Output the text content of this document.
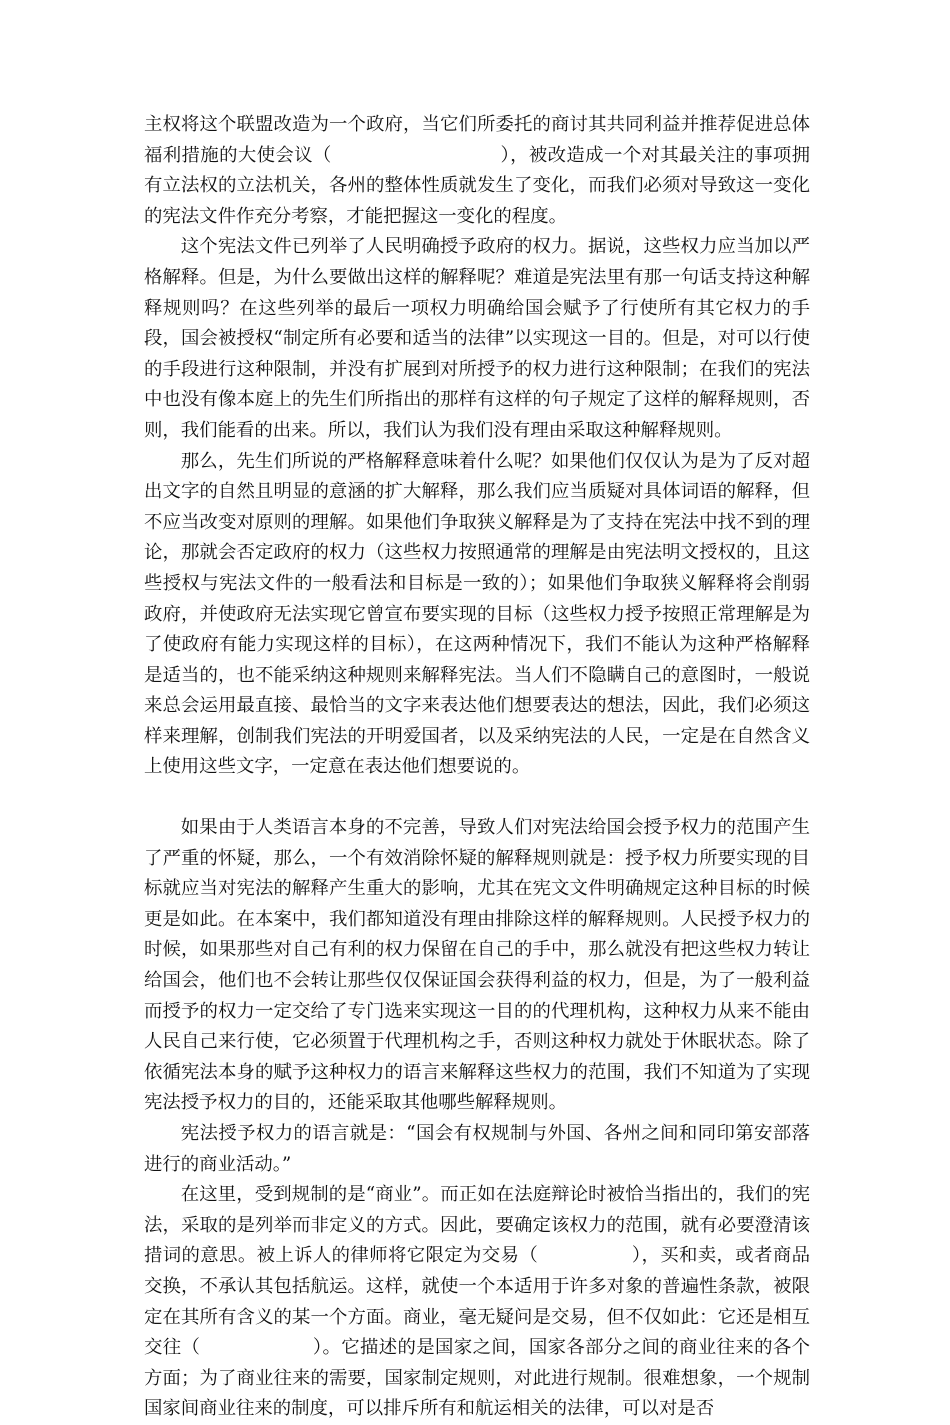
主权将这个联盟改造为一个政府，当它们所委托的商讨其共同利益并推荐促进总体福利措施的大使会议（　　　　　　　　　），被改造成一个对其最关注的事项拥有立法权的立法机关，各州的整体性质就发生了变化，而我们必须对导致这一变化的宪法文件作充分考察，才能把握这一变化的程度。

这个宪法文件已列举了人民明确授予政府的权力。据说，这些权力应当加以严格解释。但是，为什么要做出这样的解释呢？难道是宪法里有那一句话支持这种解释规则吗？在这些列举的最后一项权力明确给国会赋予了行使所有其它权力的手段，国会被授权“制定所有必要和适当的法律”以实现这一目的。但是，对可以行使的手段进行这种限制，并没有扩展到对所授予的权力进行这种限制；在我们的宪法中也没有像本庭上的先生们所指出的那样有这样的句子规定了这样的解释规则，否则，我们能看的出来。所以，我们认为我们没有理由采取这种解释规则。

那么，先生们所说的严格解释意味着什么呢？如果他们仅仅认为是为了反对超出文字的自然且明显的意涵的扩大解释，那么我们应当质疑对具体词语的解释，但不应当改变对原则的理解。如果他们争取狭义解释是为了支持在宪法中找不到的理论，那就会否定政府的权力（这些权力按照通常的理解是由宪法明文授权的，且这些授权与宪法文件的一般看法和目标是一致的）；如果他们争取狭义解释将会削弱政府，并使政府无法实现它曾宣布要实现的目标（这些权力授予按照正常理解是为了使政府有能力实现这样的目标），在这两种情况下，我们不能认为这种严格解释是适当的，也不能采纳这种规则来解释宪法。当人们不隐瞒自己的意图时，一般说来总会运用最直接、最恰当的文字来表达他们想要表达的想法，因此，我们必须这样来理解，创制我们宪法的开明爱国者，以及采纳宪法的人民，一定是在自然含义上使用这些文字，一定意在表达他们想要说的。

如果由于人类语言本身的不完善，导致人们对宪法给国会授予权力的范围产生了严重的怀疑，那么，一个有效消除怀疑的解释规则就是：授予权力所要实现的目标就应当对宪法的解释产生重大的影响，尤其在宪文文件明确规定这种目标的时候更是如此。在本案中，我们都知道没有理由排除这样的解释规则。人民授予权力的时候，如果那些对自己有利的权力保留在自己的手中，那么就没有把这些权力转让给国会，他们也不会转让那些仅仅保证国会获得利益的权力，但是，为了一般利益而授予的权力一定交给了专门选来实现这一目的的代理机构，这种权力从来不能由人民自己来行使，它必须置于代理机构之手，否则这种权力就处于休眠状态。除了依循宪法本身的赋予这种权力的语言来解释这些权力的范围，我们不知道为了实现宪法授予权力的目的，还能采取其他哪些解释规则。

宪法授予权力的语言就是：“国会有权规制与外国、各州之间和同印第安部落进行的商业活动。”

在这里，受到规制的是“商业”。而正如在法庭辩论时被恰当指出的，我们的宪法，采取的是列举而非定义的方式。因此，要确定该权力的范围，就有必要澄清该措词的意思。被上诉人的律师将它限定为交易（　　　　　），买和卖，或者商品交换，不承认其包括航运。这样，就使一个本适用于许多对象的普遍性条款，被限定在其所有含义的某一个方面。商业，毫无疑问是交易，但不仅如此：它还是相互交往（　　　　　　）。它描述的是国家之间，国家各部分之间的商业往来的各个方面；为了商业往来的需要，国家制定规则，对此进行规制。很难想象，一个规制国家间商业往来的制度，可以排斥所有和航运相关的法律，可以对是否
